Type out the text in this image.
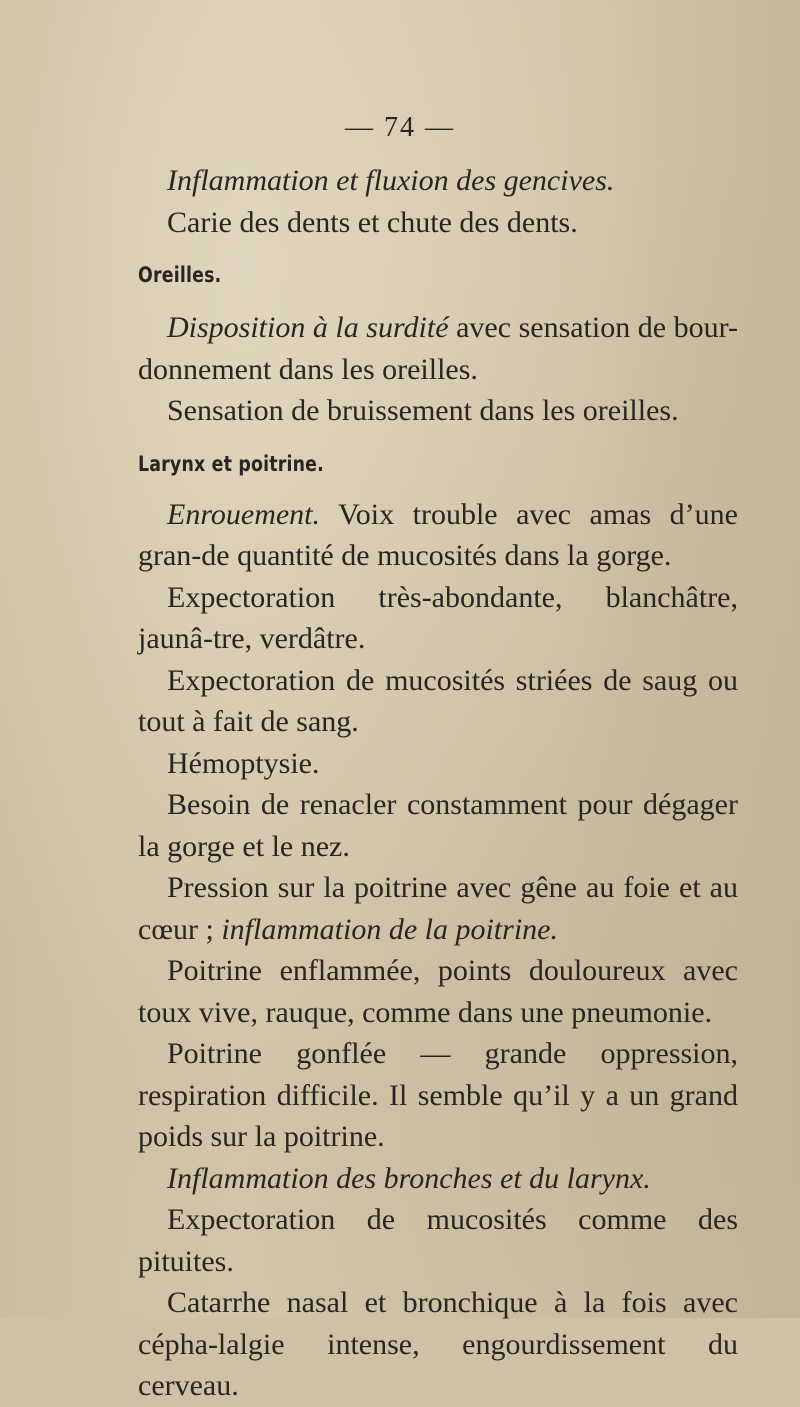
— 74 —

Inflammation et fluxion des gencives.

Carie des dents et chute des dents.

Oreilles.

Disposition à la surdité avec sensation de bour-donnement dans les oreilles.

Sensation de bruissement dans les oreilles.

Larynx et poitrine.

Enrouement. Voix trouble avec amas d’une gran-de quantité de mucosités dans la gorge.

Expectoration très-abondante, blanchâtre, jaunâ-tre, verdâtre.

Expectoration de mucosités striées de saug ou tout à fait de sang.

Hémoptysie.

Besoin de renacler constamment pour dégager la gorge et le nez.

Pression sur la poitrine avec gêne au foie et au cœur ; inflammation de la poitrine.

Poitrine enflammée, points douloureux avec toux vive, rauque, comme dans une pneumonie.

Poitrine gonflée — grande oppression, respiration difficile. Il semble qu’il y a un grand poids sur la poitrine.

Inflammation des bronches et du larynx.

Expectoration de mucosités comme des pituites.

Catarrhe nasal et bronchique à la fois avec cépha-lalgie intense, engourdissement du cerveau.
